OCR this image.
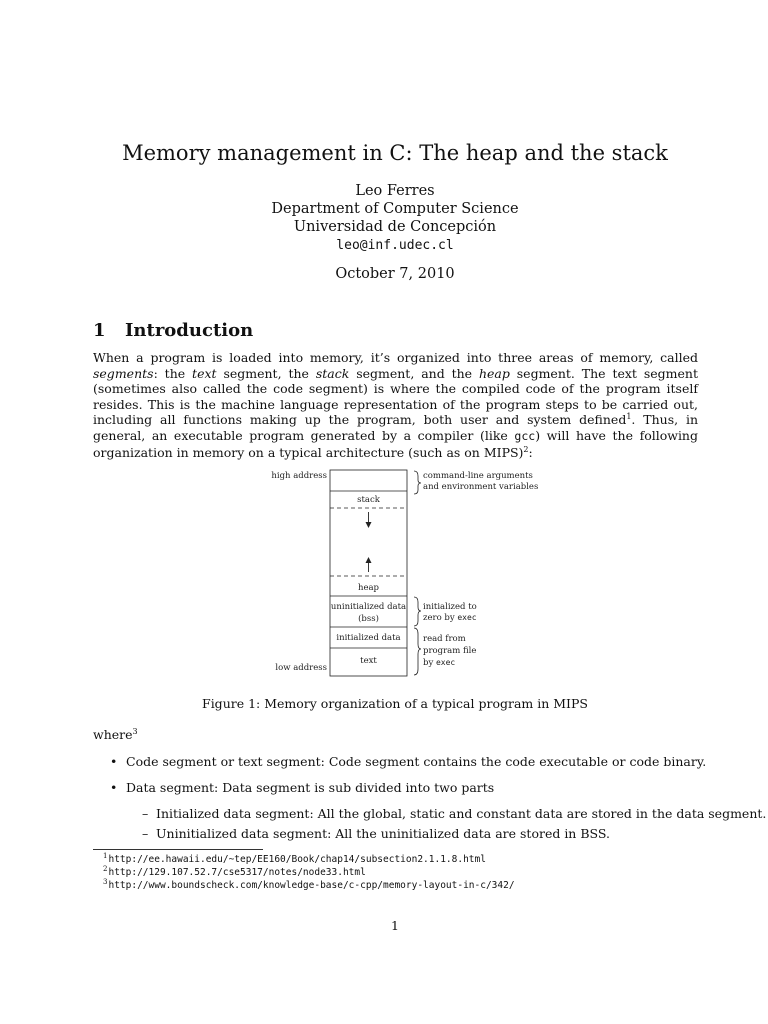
Memory management in C: The heap and the stack
Leo Ferres
Department of Computer Science
Universidad de Concepción
leo@inf.udec.cl
October 7, 2010
1 Introduction
When a program is loaded into memory, it’s organized into three areas of memory, called segments: the text segment, the stack segment, and the heap segment. The text segment (sometimes also called the code segment) is where the compiled code of the program itself resides. This is the machine language representation of the program steps to be carried out, including all functions making up the program, both user and system defined$^1$. Thus, in general, an executable program generated by a compiler (like gcc) will have the following organization in memory on a typical architecture (such as on MIPS)$^2$:
stack
heap
uninitialized data
(bss)
initialized data
text
high address
low address
command-line arguments
and environment variables
initialized to
zero by exec
read from
program file
by exec
Figure 1: Memory organization of a typical program in MIPS
where$^3$
• Code segment or text segment: Code segment contains the code executable or code binary.
• Data segment: Data segment is sub divided into two parts
– Initialized data segment: All the global, static and constant data are stored in the data segment.
– Uninitialized data segment: All the uninitialized data are stored in BSS.
$^1$http://ee.hawaii.edu/~tep/EE160/Book/chap14/subsection2.1.1.8.html
$^2$http://129.107.52.7/cse5317/notes/node33.html
$^3$http://www.boundscheck.com/knowledge-base/c-cpp/memory-layout-in-c/342/
1
